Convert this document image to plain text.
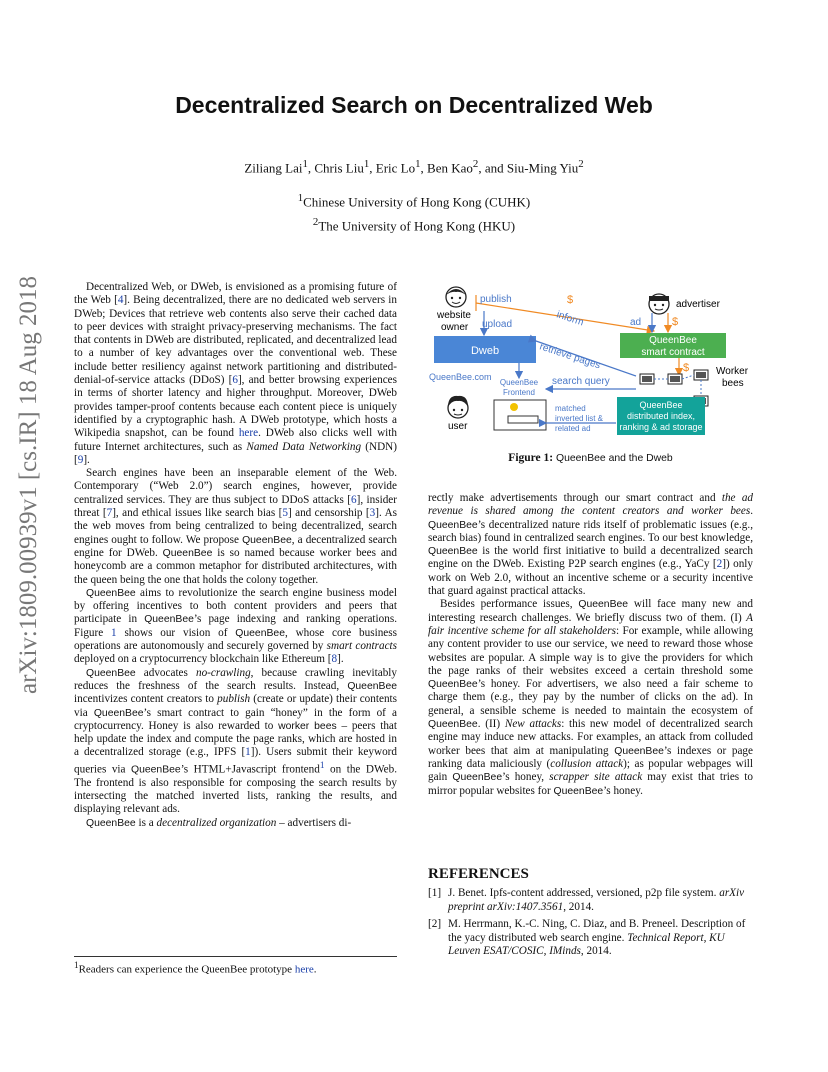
arXiv:1809.00939v1 [cs.IR] 18 Aug 2018
Decentralized Search on Decentralized Web
Ziliang Lai$^1$, Chris Liu$^1$, Eric Lo$^1$, Ben Kao$^2$, and Siu-Ming Yiu$^2$
$^1$Chinese University of Hong Kong (CUHK)
$^2$The University of Hong Kong (HKU)

Decentralized Web, or DWeb, is envisioned as a promising future of the Web [4]. Being decentralized, there are no dedicated web servers in DWeb; Devices that retrieve web contents also serve their cached data to peer devices with straight privacy-preserving mechanisms. The fact that contents in DWeb are distributed, replicated, and decentralized lead to a number of key advantages over the conventional web. These include better resiliency against network partitioning and distributed-denial-of-service attacks (DDoS) [6], and better browsing experiences in terms of shorter latency and higher throughput. Moreover, DWeb provides tamper-proof contents because each content piece is uniquely identified by a cryptographic hash. A DWeb prototype, which hosts a Wikipedia snapshot, can be found here. DWeb also clicks well with future Internet architectures, such as Named Data Networking (NDN) [9].

Search engines have been an inseparable element of the Web. Contemporary (“Web 2.0”) search engines, however, provide centralized services. They are thus subject to DDoS attacks [6], insider threat [7], and ethical issues like search bias [5] and censorship [3]. As the web moves from being centralized to being decentralized, search engines ought to follow. We propose QueenBee, a decentralized search engine for DWeb. QueenBee is so named because worker bees and honeycomb are a common metaphor for distributed architectures, with the queen being the one that holds the colony together.

QueenBee aims to revolutionize the search engine business model by offering incentives to both content providers and peers that participate in QueenBee’s page indexing and ranking operations. Figure 1 shows our vision of QueenBee, whose core business operations are autonomously and securely governed by smart contracts deployed on a cryptocurrency blockchain like Ethereum [8].

QueenBee advocates no-crawling, because crawling inevitably reduces the freshness of the search results. Instead, QueenBee incentivizes content creators to publish (create or update) their contents via QueenBee’s smart contract to gain “honey” in the form of a cryptocurrency. Honey is also rewarded to worker bees – peers that help update the index and compute the page ranks, which are hosted in a decentralized storage (e.g., IPFS [1]). Users submit their keyword queries via QueenBee’s HTML+Javascript frontend$^1$ on the DWeb. The frontend is also responsible for composing the search results by intersecting the matched inverted lists, ranking the results, and displaying relevant ads.

QueenBee is a decentralized organization – advertisers di-

$^1$Readers can experience the QueenBee prototype here.
website
owner
publish	$
inform
upload
Dweb
advertiser
ad	$
QueenBee
smart contract
retrieve pages	$	Worker
bees
QueenBee.com
QueenBee
Frontend
search query
matched
inverted list &
related ad
QueenBee
distributed index,
ranking & ad storage
user
Figure 1: QueenBee and the Dweb

rectly make advertisements through our smart contract and the ad revenue is shared among the content creators and worker bees. QueenBee’s decentralized nature rids itself of problematic issues (e.g., search bias) found in centralized search engines. To our best knowledge, QueenBee is the world first initiative to build a decentralized search engine on the DWeb. Existing P2P search engines (e.g., YaCy [2]) only work on Web 2.0, without an incentive scheme or a security incentive that guard against practical attacks.

Besides performance issues, QueenBee will face many new and interesting research challenges. We briefly discuss two of them. (I) A fair incentive scheme for all stakeholders: For example, while allowing any content provider to use our service, we need to reward those whose websites are popular. A simple way is to give the providers for which the page ranks of their websites exceed a certain threshold some QueenBee’s honey. For advertisers, we also need a fair scheme to charge them (e.g., they pay by the number of clicks on the ad). In general, a sensible scheme is needed to maintain the ecosystem of QueenBee. (II) New attacks: this new model of decentralized search engine may induce new attacks. For examples, an attack from colluded worker bees that aim at manipulating QueenBee’s indexes or page ranking data maliciously (collusion attack); as popular webpages will gain QueenBee’s honey, scrapper site attack may exist that tries to mirror popular websites for QueenBee’s honey.

REFERENCES
[1] J. Benet. Ipfs-content addressed, versioned, p2p file system. arXiv preprint arXiv:1407.3561, 2014.
[2] M. Herrmann, K.-C. Ning, C. Diaz, and B. Preneel. Description of the yacy distributed web search engine. Technical Report, KU Leuven ESAT/COSIC, IMinds, 2014.
